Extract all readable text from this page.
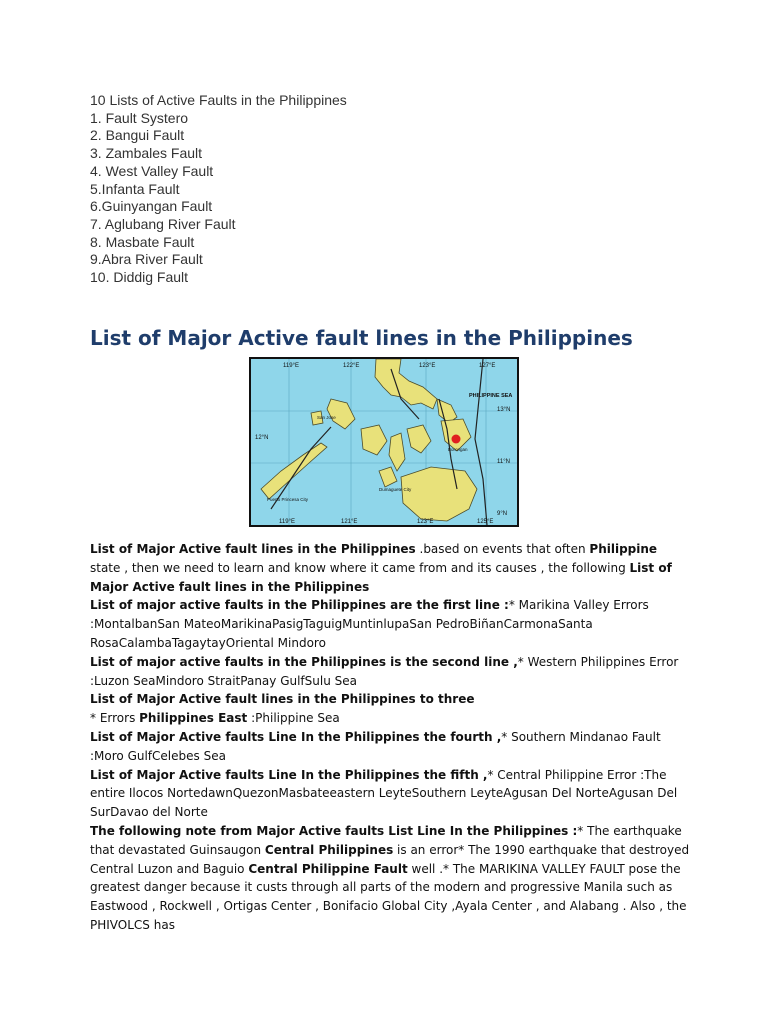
10 Lists of Active Faults in the Philippines
1. Fault Systero
2. Bangui Fault
3. Zambales Fault
4. West Valley Fault
5.Infanta Fault
6.Guinyangan Fault
7. Aglubang River Fault
8. Masbate Fault
9.Abra River Fault
10. Diddig Fault
List of Major Active fault lines in the Philippines
119°E	122°E	123°E	127°E
119°E	121°E	123°E	125°E
13°N
11°N
9°N
12°N
PHILIPPINE SEA
San Jose
Puerto Princesa City
Dumaguete City
Borongan

List of Major Active fault lines in the Philippines .based on events that often Philippine state , then we need to learn and know where it came from and its causes , the following List of Major Active fault lines in the Philippines

List of major active faults in the Philippines are the first line :* Marikina Valley Errors :MontalbanSan MateoMarikinaPasigTaguigMuntinlupaSan PedroBiñanCarmonaSanta RosaCalambaTagaytayOriental Mindoro

List of major active faults in the Philippines is the second line ,* Western Philippines Error :Luzon SeaMindoro StraitPanay GulfSulu Sea

List of Major Active fault lines in the Philippines to three

* Errors Philippines East :Philippine Sea

List of Major Active faults Line In the Philippines the fourth ,* Southern Mindanao Fault :Moro GulfCelebes Sea

List of Major Active faults Line In the Philippines the fifth ,* Central Philippine Error :The entire Ilocos NortedawnQuezonMasbateeastern LeyteSouthern LeyteAgusan Del NorteAgusan Del SurDavao del Norte

The following note from Major Active faults List Line In the Philippines :* The earthquake that devastated Guinsaugon Central Philippines is an error* The 1990 earthquake that destroyed Central Luzon and Baguio Central Philippine Fault well .* The MARIKINA VALLEY FAULT pose the greatest danger because it custs through all parts of the modern and progressive Manila such as Eastwood , Rockwell , Ortigas Center , Bonifacio Global City ,Ayala Center , and Alabang . Also , the PHIVOLCS has
